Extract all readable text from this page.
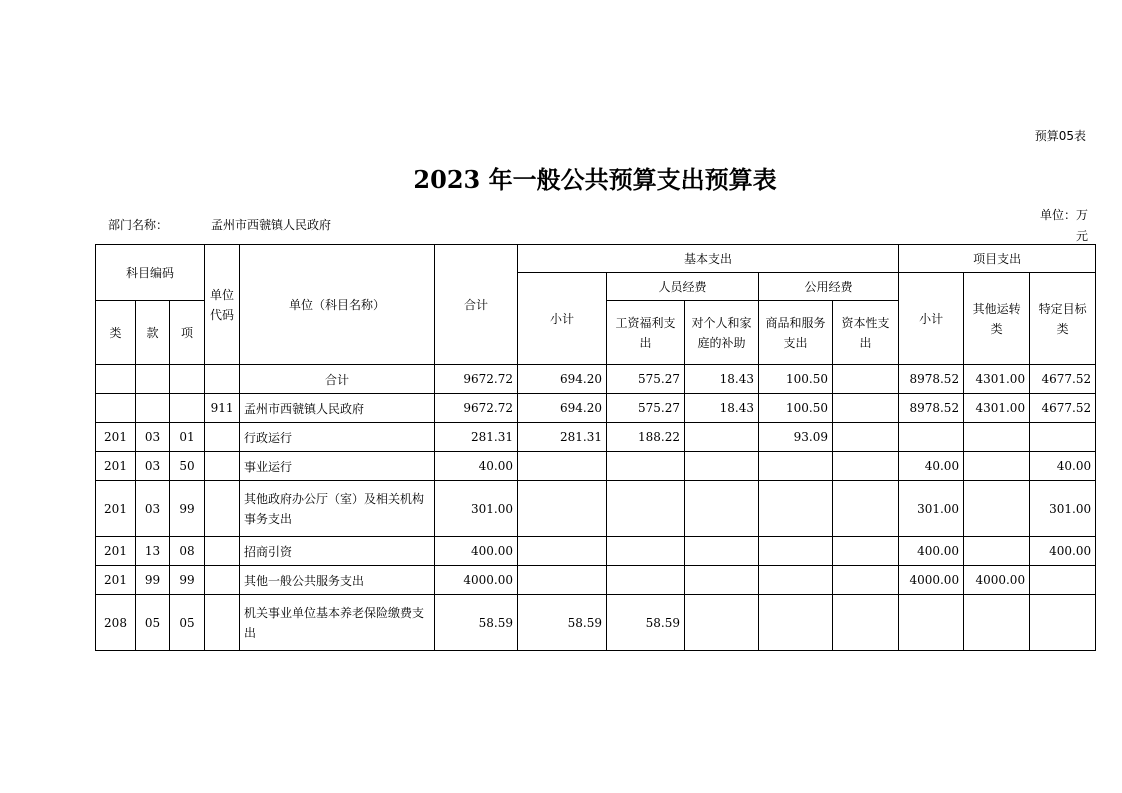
预算05表
2023 年一般公共预算支出预算表
部门名称：	孟州市西虢镇人民政府
单位：万元
科目编码			单位代码	单位（科目名称）	合计	基本支出					项目支出		
						小计	人员经费		公用经费		小计	其他运转类	特定目标类
类	款	项					工资福利支出	对个人和家庭的补助	商品和服务支出	资本性支出			
				合计	9672.72	694.20	575.27	18.43	100.50		8978.52	4301.00	4677.52
			911	孟州市西虢镇人民政府	9672.72	694.20	575.27	18.43	100.50		8978.52	4301.00	4677.52
201	03	01		行政运行	281.31	281.31	188.22		93.09				
201	03	50		事业运行	40.00						40.00		40.00
201	03	99		其他政府办公厅（室）及相关机构事务支出	301.00						301.00		301.00
201	13	08		招商引资	400.00						400.00		400.00
201	99	99		其他一般公共服务支出	4000.00						4000.00	4000.00	
208	05	05		机关事业单位基本养老保险缴费支出	58.59	58.59	58.59						
